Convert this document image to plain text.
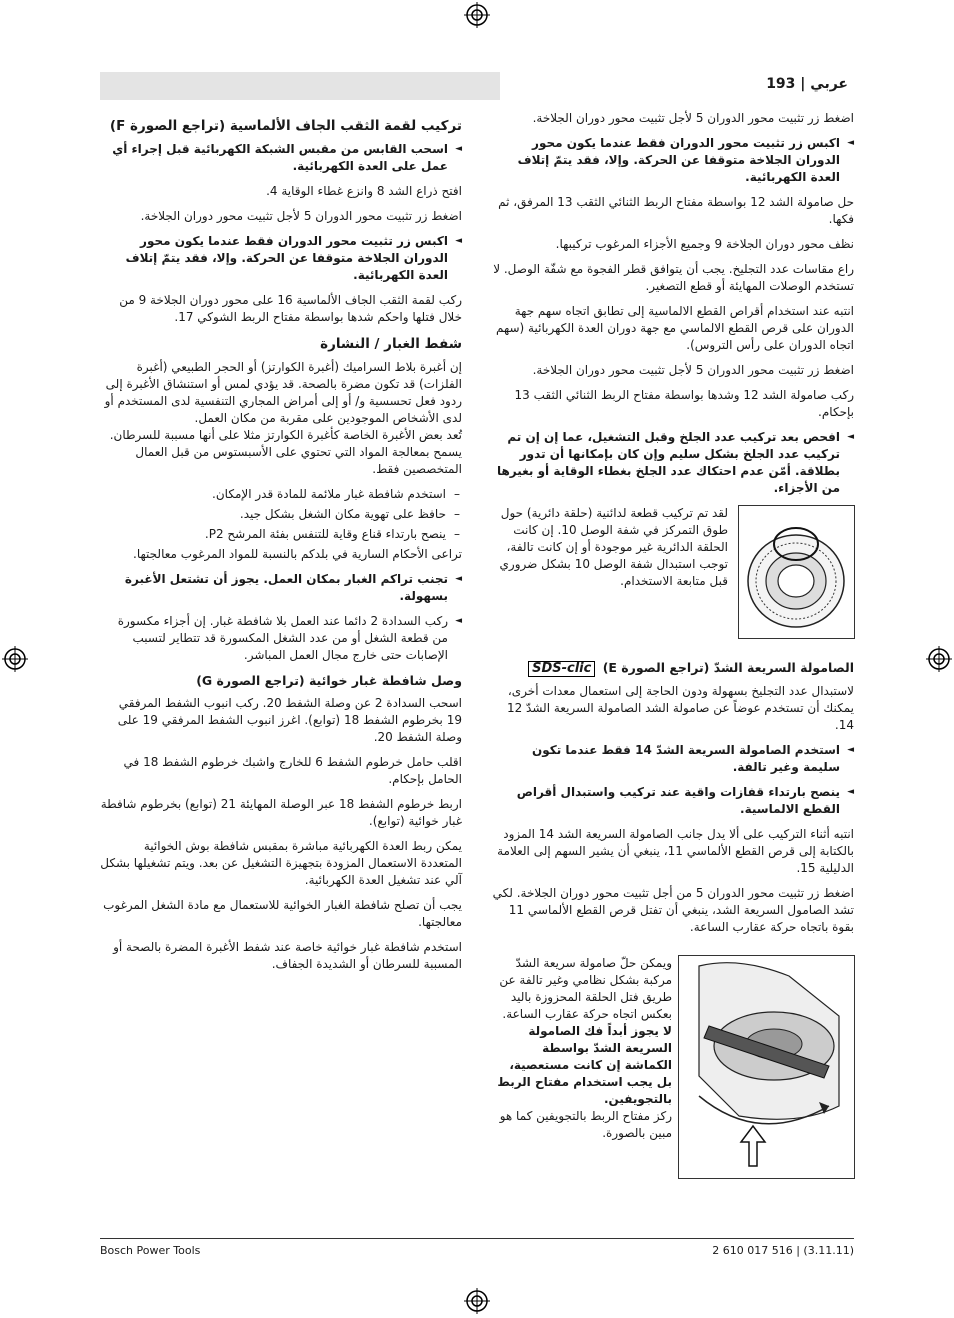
عربي | 193

اضغط زر تثبيت محور الدوران 5 لأجل تثبيت محور دوران الجلاخة.

◄ اكبس زر تثبيت محور الدوران فقط عندما يكون محور الدوران الجلاخة متوقفا عن الحركة. وإلا، فقد يتمّ إتلاف العدة الكهربائية.

حل صامولة الشد 12 بواسطة مفتاح الربط الثنائي الثقب 13 المرفق، ثم فكها.

نظف محور دوران الجلاخة 9 وجميع الأجزاء المرغوب تركيبها.

راع مقاسات عدد التجليخ. يجب أن يتوافق قطر الفجوة مع شفّة الوصل. لا تستخدم الوصلات المهايئة أو قطع التصغير.

انتبه عند استخدام أقراص القطع الالماسية إلى تطابق اتجاه سهم جهة الدوران على قرص القطع الالماسي مع جهة دوران العدة الكهربائية (سهم اتجاه الدوران على رأس التروس).

اضغط زر تثبيت محور الدوران 5 لأجل تثبيت محور دوران الجلاخة.

ركب صامولة الشد 12 وشدها بواسطة مفتاح الربط الثنائي الثقب 13 بإحكام.

◄ افحص بعد تركيب عدد الجلخ وقبل التشغيل، عما إن إن تم تركيب عدد الجلخ بشكل سليم وإن كان بإمكانها أن تدور بطلاقة. أمّن عدم احتكاك عدد الجلخ بغطاء الوقاية أو بغيرها من الأجزاء.

لقد تم تركيب قطعة لدائنية (حلقة دائرية) حول طوق التمركز في شفة الوصل 10. إن كانت الحلقة الدائرية غير موجودة أو إن كانت تالفة، توجب استبدال شفة الوصل 10 بشكل ضروري قبل متابعة الاستخدام.

الصامولة السريعة الشدّ (تراجع الصورة E) SDS-clic

لاستبدال عدد التجليخ بسهولة ودون الحاجة إلى استعمال معدات أخرى، يمكنك أن تستخدم عوضاً عن صامولة الشد الصامولة السريعة الشدّ 12 14.

◄ استخدم الصامولة السريعة الشدّ 14 فقط عندما تكون سليمة وغير تالفة.

◄ ينصح بارتداء قفازات واقية عند تركيب واستبدال أقراص القطع الالماسية.

انتبه أثناء التركيب على ألا يدل جانب الصامولة السريعة الشد 14 المزود بالكتابة إلى قرص القطع الألماسي 11، ينبغي أن يشير السهم إلى العلامة الدليلية 15.

اضغط زر تثبيت محور الدوران 5 من أجل تثبيت محور دوران الجلاخة. لكي تشد الصامول السريعة الشد، ينبغي أن تفتل قرص القطع الألماسي 11 بقوة باتجاه حركة عقارب الساعة.

ويمكن حلّ صامولة سريعة الشدّ مركبة بشكل نظامي وغير تالفة عن طريق فتل الحلقة المحزوزة باليد بعكس اتجاه حركة عقارب الساعة.

لا يجوز أبداً فك الصامولة السريعة الشدّ بواسطة الكماشة إن كانت مستعصية، بل يجب استخدام مفتاح الربط بالتجويفين.

ركز مفتاح الربط بالتجويفين كما هو مبين بالصورة.

تركيب لقمة الثقب الجاف الألماسية (تراجع الصورة F)

◄ اسحب القابس من مقبس الشبكة الكهربائية قبل إجراء أي عمل على العدة الكهربائية.

افتح ذراع الشد 8 وانزع غطاء الوقاية 4.

اضغط زر تثبيت محور الدوران 5 لأجل تثبيت محور دوران الجلاخة.

◄ اكبس زر تثبيت محور الدوران فقط عندما يكون محور الدوران الجلاخة متوقفا عن الحركة. وإلا، فقد يتمّ إتلاف العدة الكهربائية.

ركب لقمة الثقب الجاف الألماسية 16 على محور دوران الجلاخة 9 من خلال فتلها واحكم شدها بواسطة مفتاح الربط الشوكي 17.

شفط الغبار / النشارة

إن أغبرة بلاط السراميك (أغبرة الكوارتز) أو الحجر الطبيعي (أغبرة الفلزات) قد تكون مضرة بالصحة. قد يؤدي لمس أو استنشاق الأغبرة إلى ردود فعل تحسسية و/ أو إلى أمراض المجاري التنفسية لدى المستخدم أو لدى الأشخاص الموجودين على مقربة من مكان العمل.

تُعد بعض الأغبرة الخاصة كأغبرة الكوارتز مثلا على أنها مسببة للسرطان. يسمح بمعالجة المواد التي تحتوي على الأسبستوس من قبل العمال المتخصصين فقط.

– استخدم شافطة غبار ملائمة للمادة قدر الإمكان.

– حافظ على تهوية مكان الشغل بشكل جيد.

– ينصح بارتداء قناع وقاية للتنفس بفئة المرشح P2.

تراعى الأحكام السارية في بلدكم بالنسبة للمواد المرغوب معالجتها.

◄ تجنب تراكم الغبار بمكان العمل. يجوز أن تشتعل الأغبرة بسهولة.

◄ ركب السدادة 2 دائما عند العمل بلا شافطة غبار. إن أجزاء مكسورة من قطعة الشغل أو من عدد الشغل المكسورة قد تتطاير لتسبب الإصابات حتى خارج مجال العمل المباشر.

وصل شافطة غبار خوائية (تراجع الصورة G)

اسحب السدادة 2 عن وصلة الشفط 20. ركب انبوب الشفط المرفقي 19 بخرطوم الشفط 18 (توابع). اغرز انبوب الشفط المرفقي 19 على وصلة الشفط 20.

اقلب حامل خرطوم الشفط 6 للخارج واشبك خرطوم الشفط 18 في الحامل بإحكام.

اربط خرطوم الشفط 18 عبر الوصلة المهايئة 21 (توابع) بخرطوم شافطة غبار خوائية (توابع).

يمكن ربط العدة الكهربائية مباشرة بمقبس شافطة بوش الخوائية المتعددة الاستعمال المزودة بتجهيزة التشغيل عن بعد. ويتم تشغيلها بشكل آلي عند تشغيل العدة الكهربائية.

يجب أن تصلح شافطة الغبار الخوائية للاستعمال مع مادة الشغل المرغوب معالجتها.

استخدم شافطة غبار خوائية خاصة عند شفط الأغبرة المضرة بالصحة أو المسببة للسرطان أو الشديدة الجفاف.

Bosch Power Tools	2 610 017 516 | (3.11.11)
